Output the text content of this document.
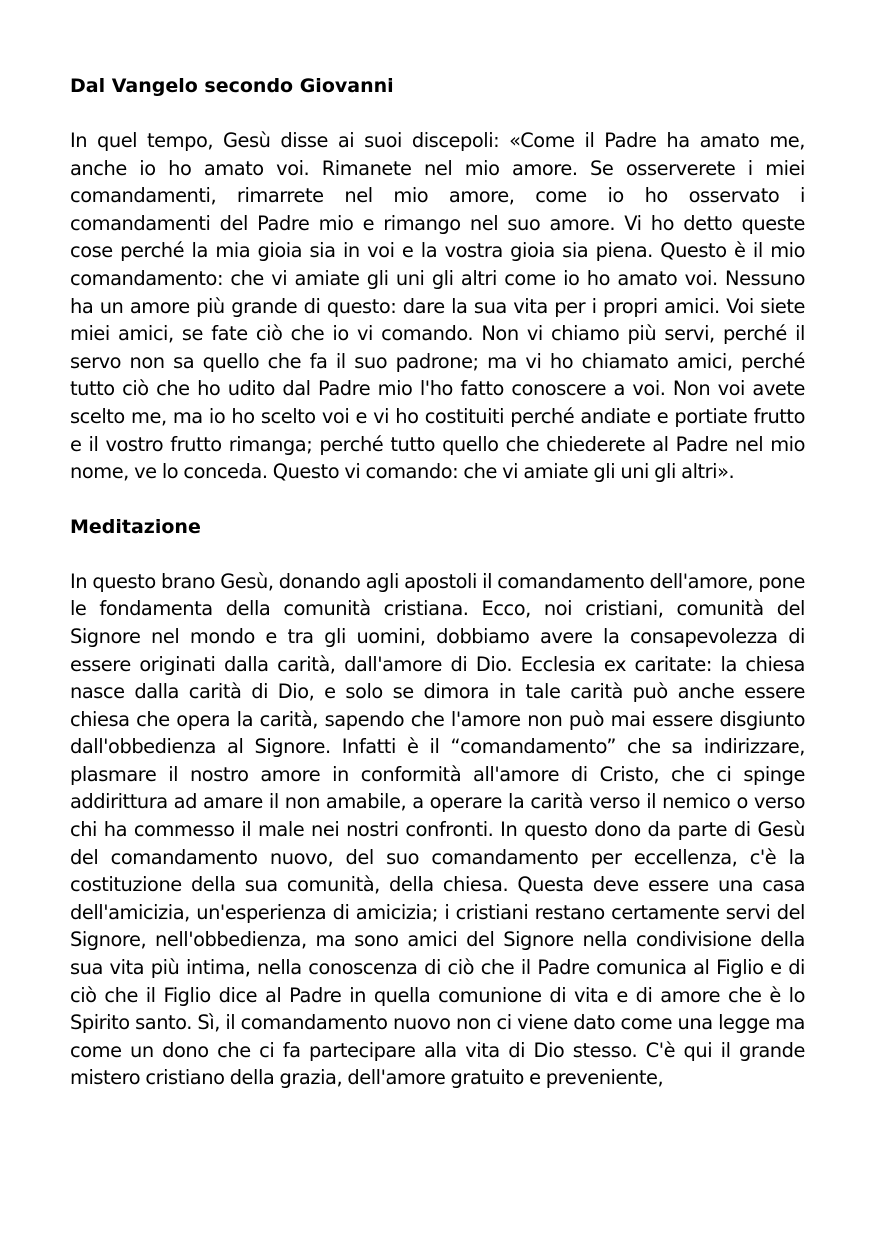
Dal Vangelo secondo Giovanni

In quel tempo, Gesù disse ai suoi discepoli: «Come il Padre ha amato me, anche io ho amato voi. Rimanete nel mio amore. Se osserverete i miei comandamenti, rimarrete nel mio amore, come io ho osservato i comandamenti del Padre mio e rimango nel suo amore. Vi ho detto queste cose perché la mia gioia sia in voi e la vostra gioia sia piena. Questo è il mio comandamento: che vi amiate gli uni gli altri come io ho amato voi. Nessuno ha un amore più grande di questo: dare la sua vita per i propri amici. Voi siete miei amici, se fate ciò che io vi comando. Non vi chiamo più servi, perché il servo non sa quello che fa il suo padrone; ma vi ho chiamato amici, perché tutto ciò che ho udito dal Padre mio l'ho fatto conoscere a voi. Non voi avete scelto me, ma io ho scelto voi e vi ho costituiti perché andiate e portiate frutto e il vostro frutto rimanga; perché tutto quello che chiederete al Padre nel mio nome, ve lo conceda. Questo vi comando: che vi amiate gli uni gli altri».

Meditazione

In questo brano Gesù, donando agli apostoli il comandamento dell'amore, pone le fondamenta della comunità cristiana. Ecco, noi cristiani, comunità del Signore nel mondo e tra gli uomini, dobbiamo avere la consapevolezza di essere originati dalla carità, dall'amore di Dio. Ecclesia ex caritate: la chiesa nasce dalla carità di Dio, e solo se dimora in tale carità può anche essere chiesa che opera la carità, sapendo che l'amore non può mai essere disgiunto dall'obbedienza al Signore. Infatti è il “comandamento” che sa indirizzare, plasmare il nostro amore in conformità all'amore di Cristo, che ci spinge addirittura ad amare il non amabile, a operare la carità verso il nemico o verso chi ha commesso il male nei nostri confronti. In questo dono da parte di Gesù del comandamento nuovo, del suo comandamento per eccellenza, c'è la costituzione della sua comunità, della chiesa. Questa deve essere una casa dell'amicizia, un'esperienza di amicizia; i cristiani restano certamente servi del Signore, nell'obbedienza, ma sono amici del Signore nella condivisione della sua vita più intima, nella conoscenza di ciò che il Padre comunica al Figlio e di ciò che il Figlio dice al Padre in quella comunione di vita e di amore che è lo Spirito santo. Sì, il comandamento nuovo non ci viene dato come una legge ma come un dono che ci fa partecipare alla vita di Dio stesso. C'è qui il grande mistero cristiano della grazia, dell'amore gratuito e preveniente,
